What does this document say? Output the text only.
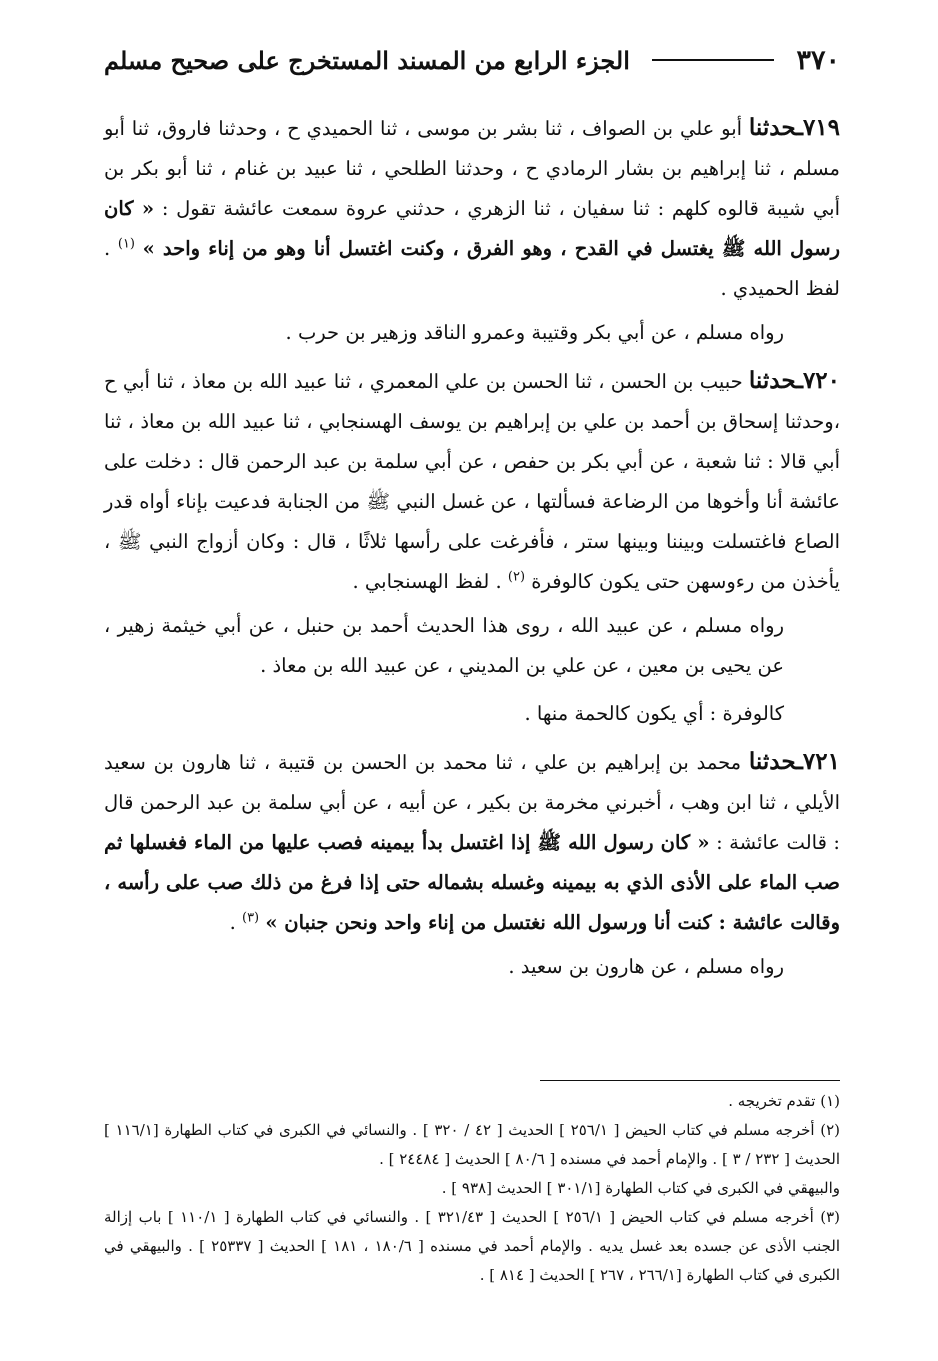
٣٧٠
الجزء الرابع من المسند المستخرج على صحيح مسلم

٧١٩ـحدثنا أبو علي بن الصواف ، ثنا بشر بن موسى ، ثنا الحميدي ح ، وحدثنا فاروق، ثنا أبو مسلم ، ثنا إبراهيم بن بشار الرمادي ح ، وحدثنا الطلحي ، ثنا عبيد بن غنام ، ثنا أبو بكر بن أبي شيبة قالوه كلهم : ثنا سفيان ، ثنا الزهري ، حدثني عروة سمعت عائشة تقول : « كان رسول الله ﷺ يغتسل في القدح ، وهو الفرق ، وكنت اغتسل أنا وهو من إناء واحد » $^{(١)}$ . لفظ الحميدي .

رواه مسلم ، عن أبي بكر وقتيبة وعمرو الناقد وزهير بن حرب .

٧٢٠ـحدثنا حبيب بن الحسن ، ثنا الحسن بن علي المعمري ، ثنا عبيد الله بن معاذ ، ثنا أبي ح ،وحدثنا إسحاق بن أحمد بن علي بن إبراهيم بن يوسف الهسنجابي ، ثنا عبيد الله بن معاذ ، ثنا أبي قالا : ثنا شعبة ، عن أبي بكر بن حفص ، عن أبي سلمة بن عبد الرحمن قال : دخلت على عائشة أنا وأخوها من الرضاعة فسألتها ، عن غسل النبي ﷺ من الجنابة فدعيت بإناء أواه قدر الصاع فاغتسلت وبيننا وبينها ستر ، فأفرغت على رأسها ثلاثًا ، قال : وكان أزواج النبي ﷺ ، يأخذن من رءوسهن حتى يكون كالوفرة $^{(٢)}$ . لفظ الهسنجابي .

رواه مسلم ، عن عبيد الله ، روى هذا الحديث أحمد بن حنبل ، عن أبي خيثمة زهير ، عن يحيى بن معين ، عن علي بن المديني ، عن عبيد الله بن معاذ .

كالوفرة : أي يكون كالحمة منها .

٧٢١ـحدثنا محمد بن إبراهيم بن علي ، ثنا محمد بن الحسن بن قتيبة ، ثنا هارون بن سعيد الأيلي ، ثنا ابن وهب ، أخبرني مخرمة بن بكير ، عن أبيه ، عن أبي سلمة بن عبد الرحمن قال : قالت عائشة : « كان رسول الله ﷺ إذا اغتسل بدأ بيمينه فصب عليها من الماء فغسلها ثم صب الماء على الأذى الذي به بيمينه وغسله بشماله حتى إذا فرغ من ذلك صب على رأسه ، وقالت عائشة : كنت أنا ورسول الله نغتسل من إناء واحد ونحن جنبان » $^{(٣)}$ .

رواه مسلم ، عن هارون بن سعيد .

(١) تقدم تخريجه .

(٢) أخرجه مسلم في كتاب الحيض [ ٢٥٦/١ ] الحديث [ ٤٢ / ٣٢٠ ] . والنسائي في الكبرى في كتاب الطهارة [١١٦/١ ] الحديث [ ٢٣٢ / ٣ ] . والإمام أحمد في مسنده [ ٨٠/٦ ] الحديث [ ٢٤٤٨٤ ] .

والبيهقي في الكبرى في كتاب الطهارة [٣٠١/١ ] الحديث [٩٣٨ ] .

(٣) أخرجه مسلم في كتاب الحيض [ ٢٥٦/١ ] الحديث [ ٣٢١/٤٣ ] . والنسائي في كتاب الطهارة [ ١١٠/١ ] باب إزالة الجنب الأذى عن جسده بعد غسل يديه . والإمام أحمد في مسنده [ ١٨٠/٦ ، ١٨١ ] الحديث [ ٢٥٣٣٧ ] . والبيهقي في الكبرى في كتاب الطهارة [٢٦٦/١ ، ٢٦٧ ] الحديث [ ٨١٤ ] .
